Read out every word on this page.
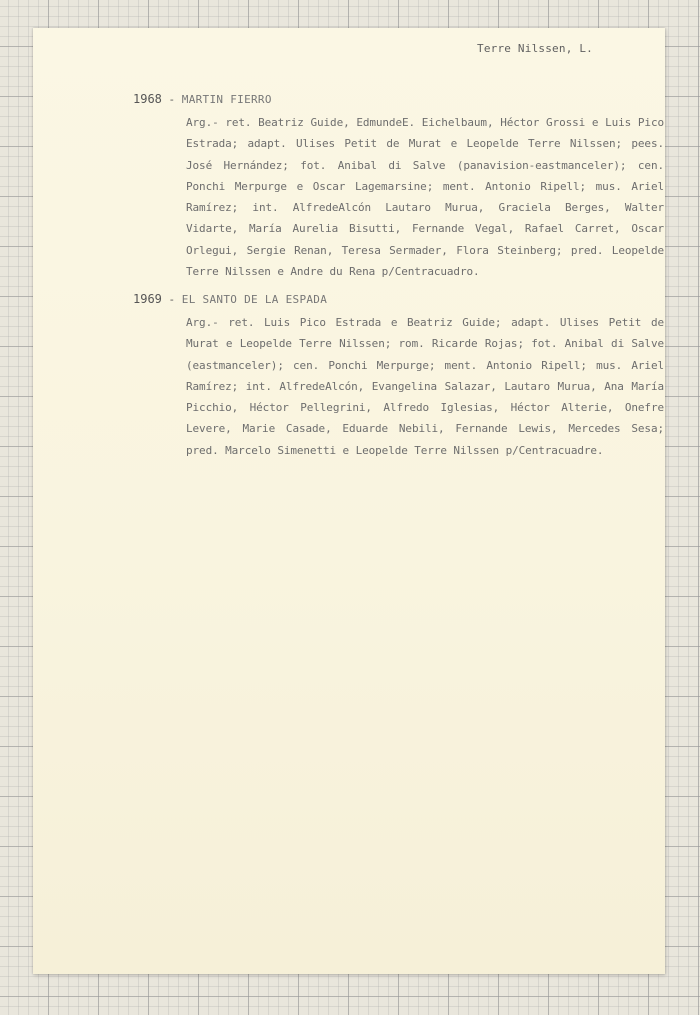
Terre Nilssen, L.
1968 - MARTIN FIERRO
Arg.- ret. Beatriz Guide, EdmundeE. Eichelbaum, Héctor Grossi e Luis Pico Estrada; adapt. Ulises Petit de Murat e Leopelde Terre Nilssen; pees. José Hernández; fot. Anibal di Salve (panavision-eastmanceler); cen. Ponchi Merpurge e Oscar Lagemarsine; ment. Antonio Ripell; mus. Ariel Ramírez; int. AlfredeAlcón Lautaro Murua, Graciela Berges, Walter Vidarte, María Aurelia Bisutti, Fernande Vegal, Rafael Carret, Oscar Orlegui, Sergie Renan, Teresa Sermader, Flora Steinberg; pred. Leopelde Terre Nilssen e Andre du Rena p/Centracuadro.
1969 - EL SANTO DE LA ESPADA
Arg.- ret. Luis Pico Estrada e Beatriz Guide; adapt. Ulises Petit de Murat e Leopelde Terre Nilssen; rom. Ricarde Rojas; fot. Anibal di Salve (eastmanceler); cen. Ponchi Merpurge; ment. Antonio Ripell; mus. Ariel Ramírez; int. AlfredeAlcón, Evangelina Salazar, Lautaro Murua, Ana María Picchio, Héctor Pellegrini, Alfredo Iglesias, Héctor Alterie, Onefre Levere, Marie Casade, Eduarde Nebili, Fernande Lewis, Mercedes Sesa; pred. Marcelo Simenetti e Leopelde Terre Nilssen p/Centracuadre.
